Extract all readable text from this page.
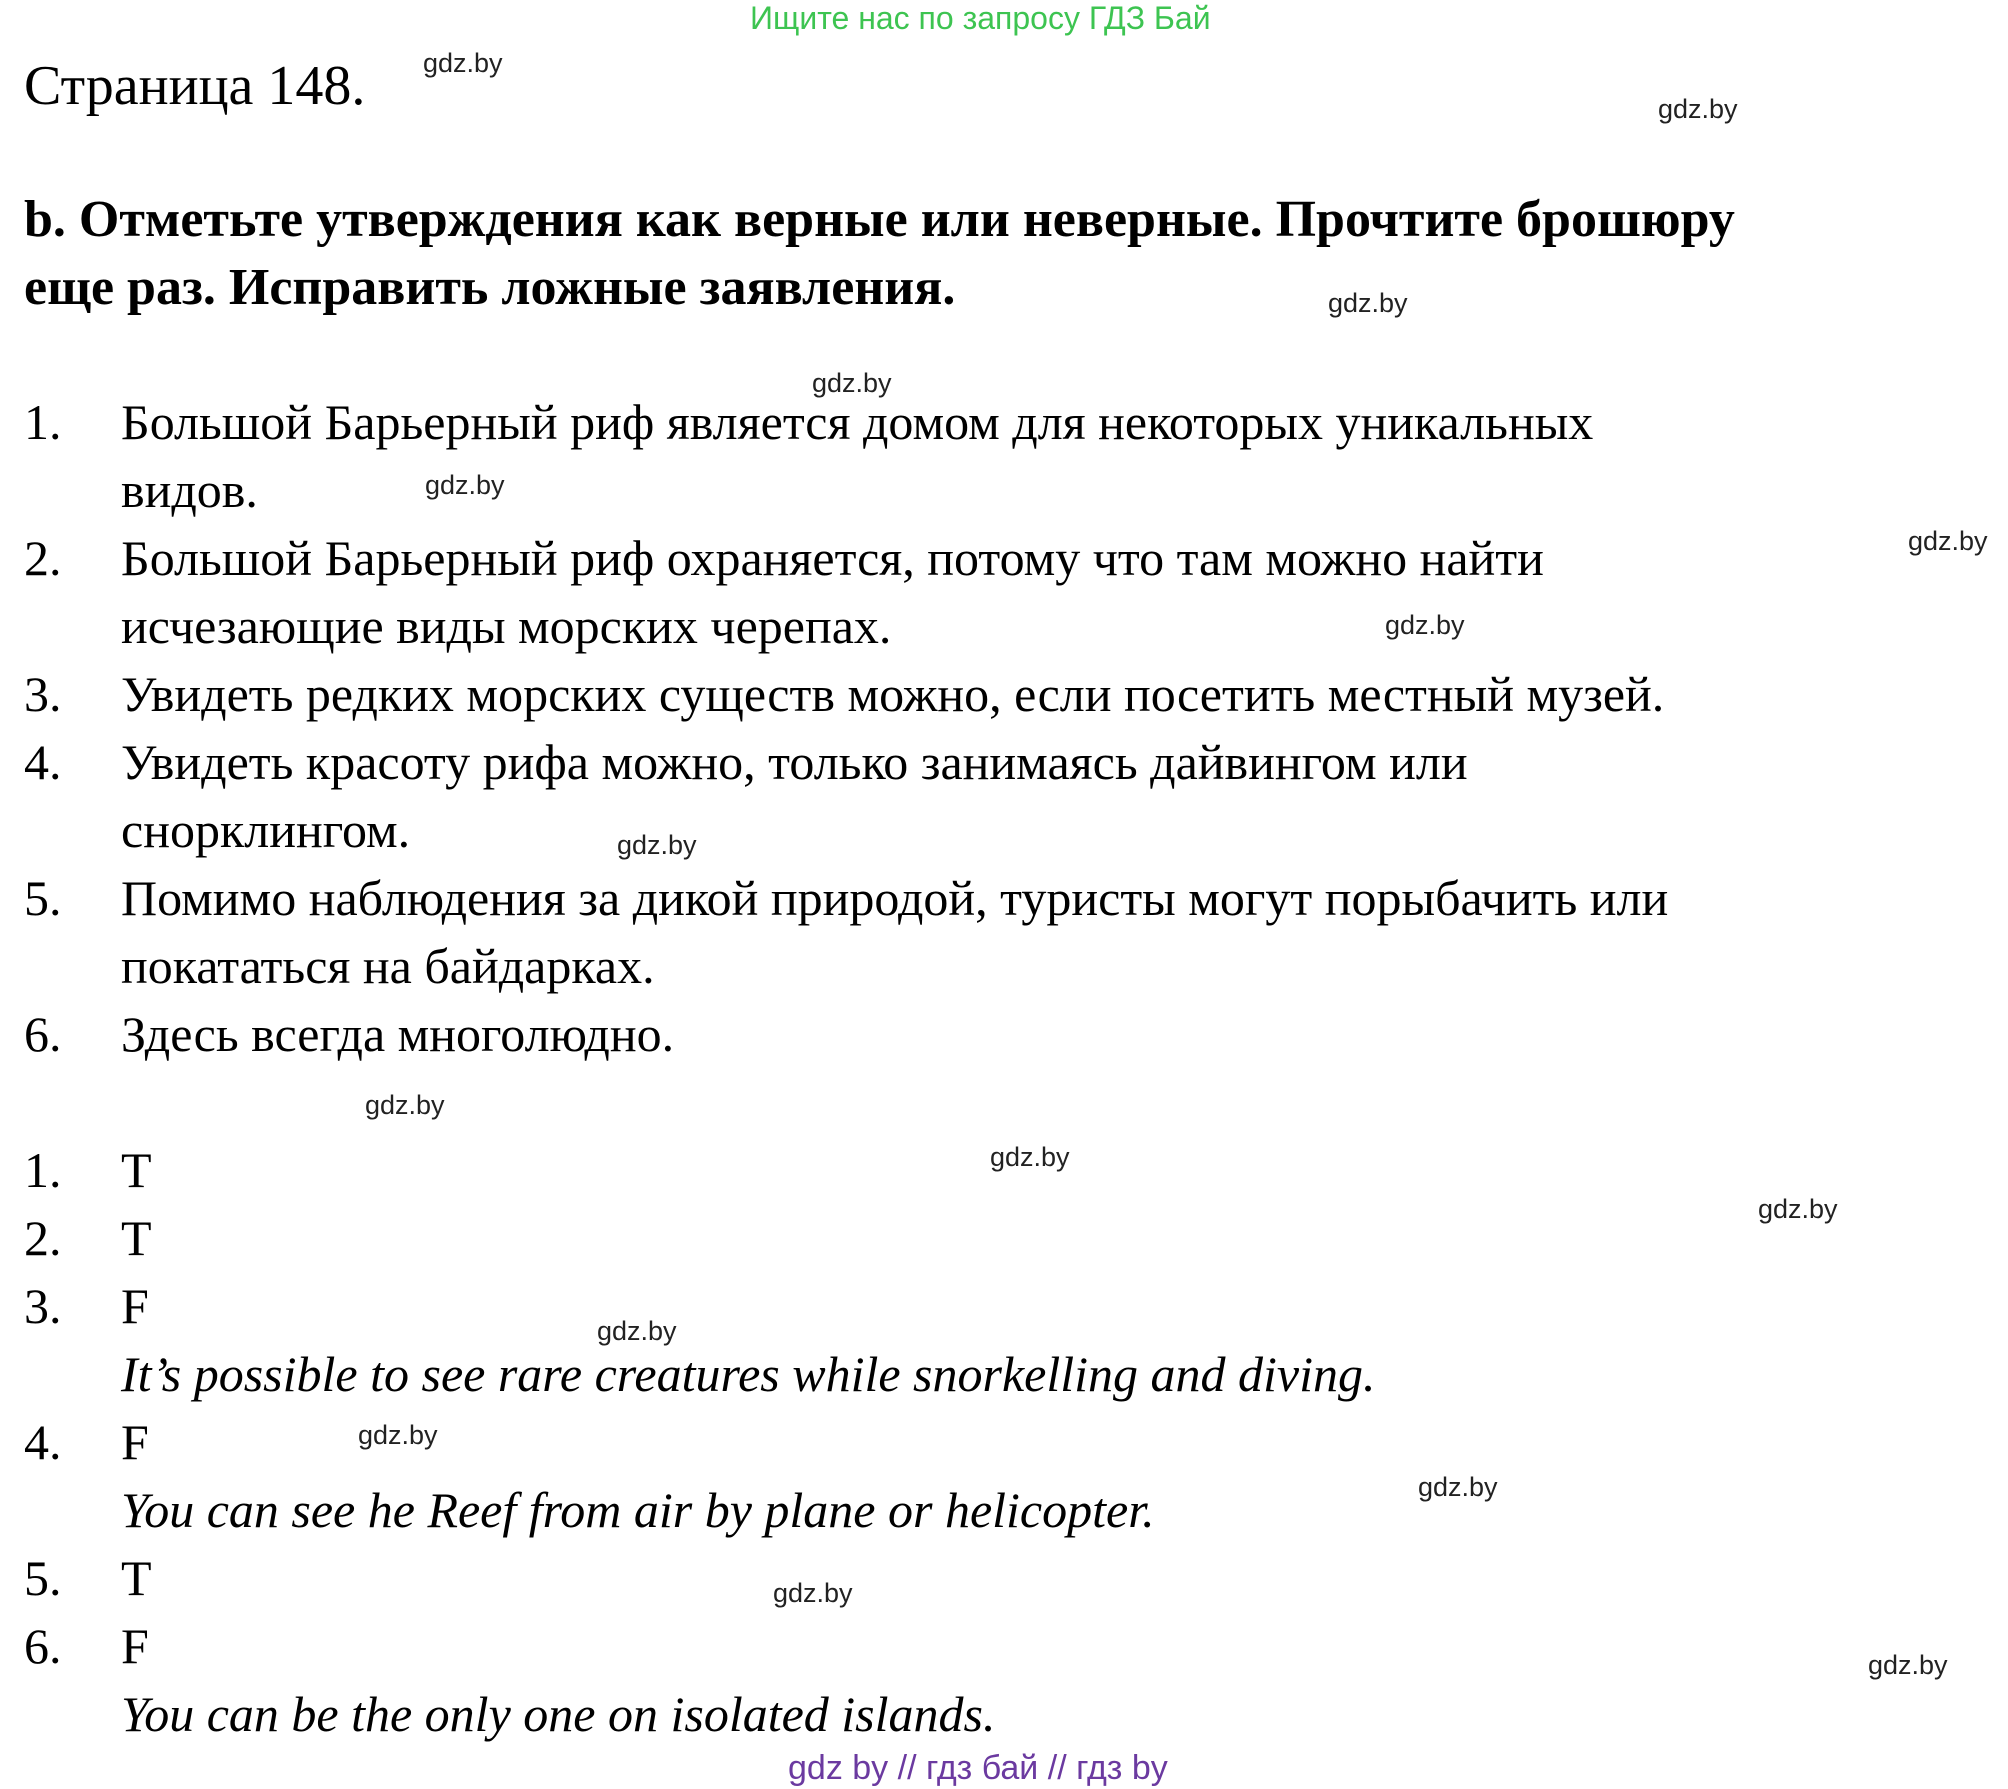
Ищите нас по запросу ГДЗ Бай
Страница 148.
b. Отметьте утверждения как верные или неверные. Прочтите брошюру
еще раз. Исправить ложные заявления.
1. Большой Барьерный риф является домом для некоторых уникальных
видов.
2. Большой Барьерный риф охраняется, потому что там можно найти
исчезающие виды морских черепах.
3. Увидеть редких морских существ можно, если посетить местный музей.
4. Увидеть красоту рифа можно, только занимаясь дайвингом или
снорклингом.
5. Помимо наблюдения за дикой природой, туристы могут порыбачить или
покататься на байдарках.
6. Здесь всегда многолюдно.
1. T
2. T
3. F
It’s possible to see rare creatures while snorkelling and diving.
4. F
You can see he Reef from air by plane or helicopter.
5. T
6. F
You can be the only one on isolated islands.
gdz.by
gdz.by
gdz.by
gdz.by
gdz.by
gdz.by
gdz.by
gdz.by
gdz.by
gdz.by
gdz.by
gdz.by
gdz.by
gdz.by
gdz.by
gdz.by
gdz by // гдз бай // гдз by
